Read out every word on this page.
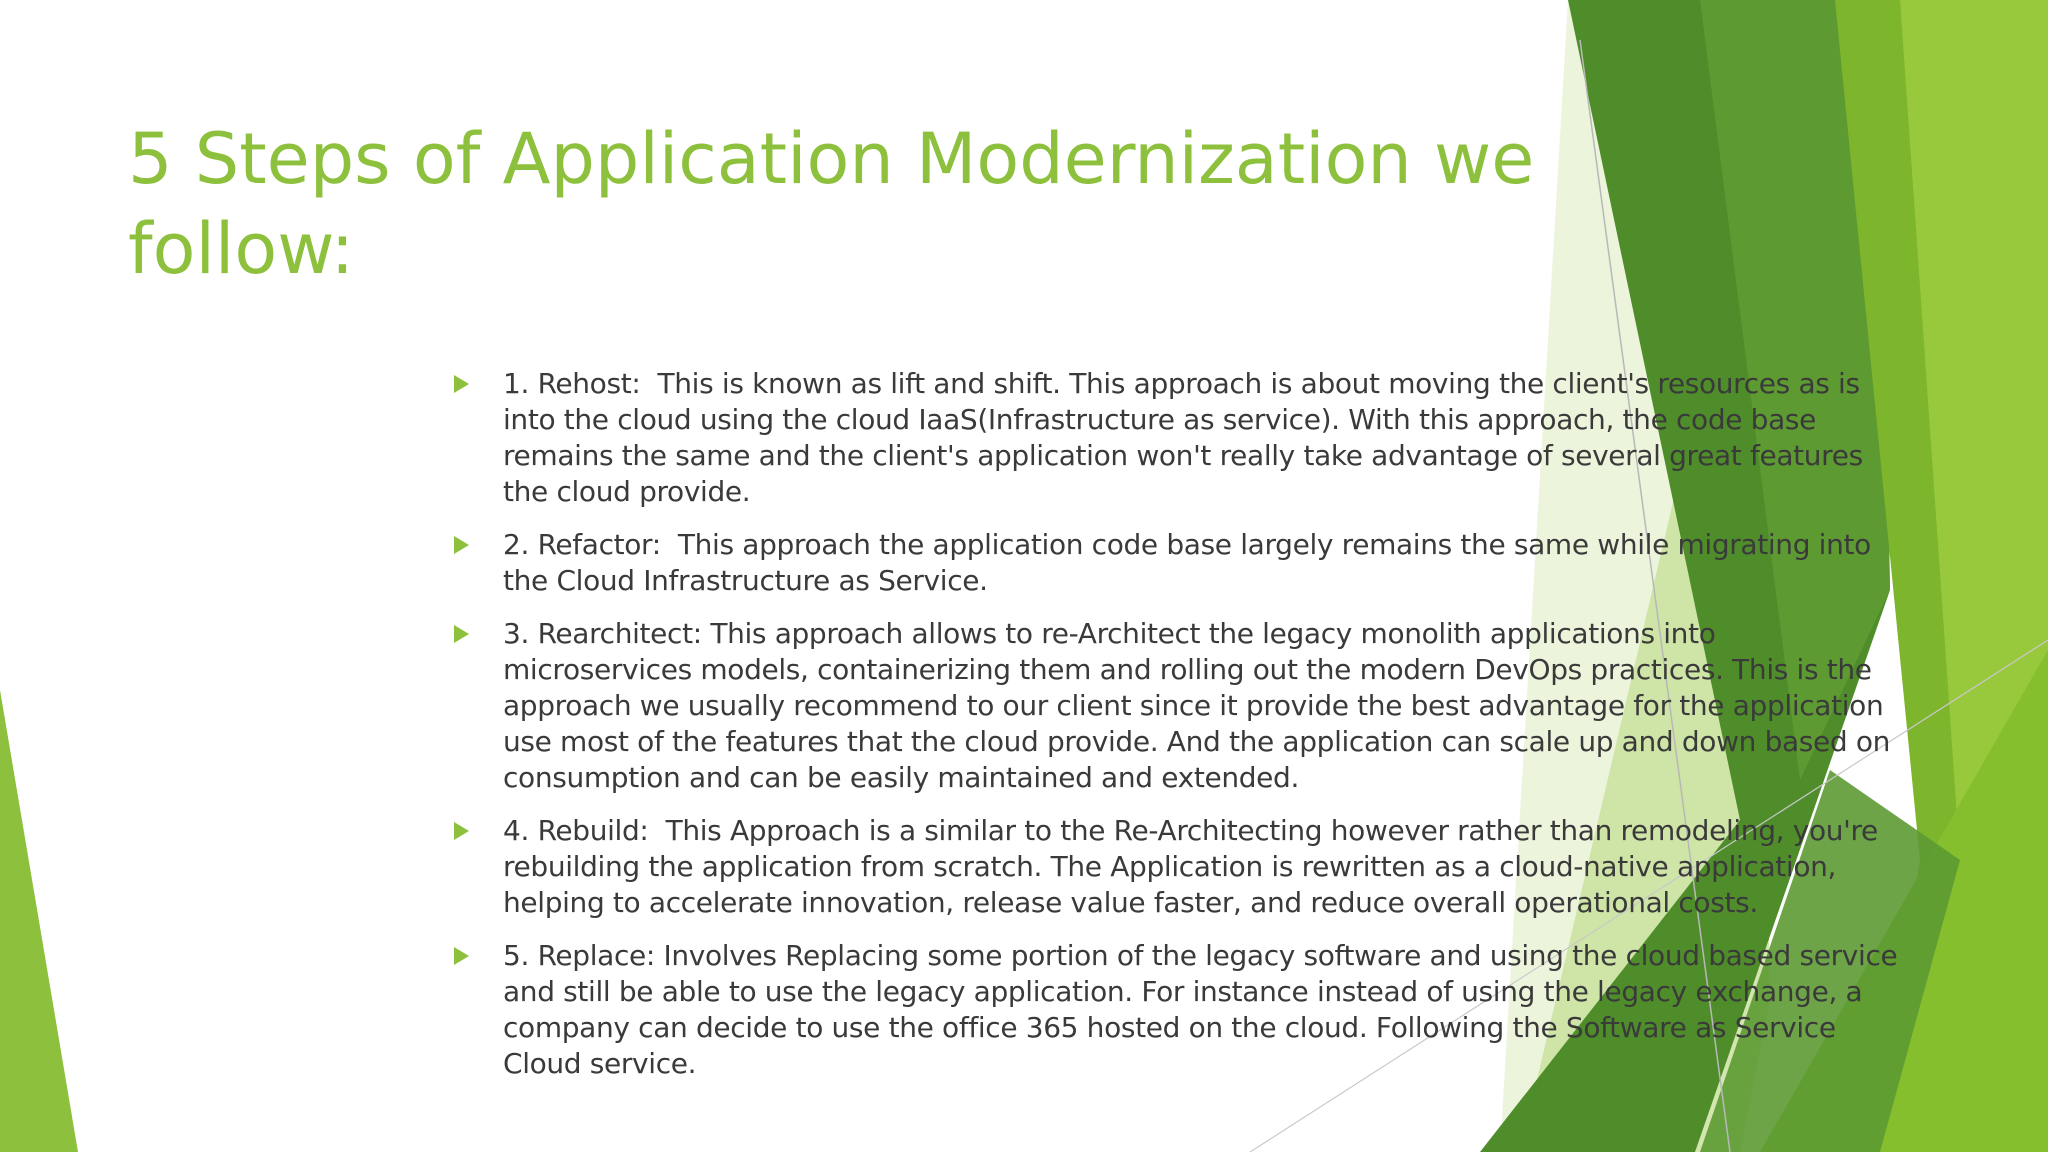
5 Steps of Application Modernization we follow:
1. Rehost:  This is known as lift and shift. This approach is about moving the client's resources as is into the cloud using the cloud IaaS(Infrastructure as service). With this approach, the code base remains the same and the client's application won't really take advantage of several great features the cloud provide.
2. Refactor:  This approach the application code base largely remains the same while migrating into the Cloud Infrastructure as Service.
3. Rearchitect: This approach allows to re-Architect the legacy monolith applications into microservices models, containerizing them and rolling out the modern DevOps practices. This is the approach we usually recommend to our client since it provide the best advantage for the application use most of the features that the cloud provide. And the application can scale up and down based on consumption and can be easily maintained and extended.
4. Rebuild:  This Approach is a similar to the Re-Architecting however rather than remodeling, you're rebuilding the application from scratch. The Application is rewritten as a cloud-native application, helping to accelerate innovation, release value faster, and reduce overall operational costs.
5. Replace: Involves Replacing some portion of the legacy software and using the cloud based service and still be able to use the legacy application. For instance instead of using the legacy exchange, a company can decide to use the office 365 hosted on the cloud. Following the Software as Service Cloud service.
